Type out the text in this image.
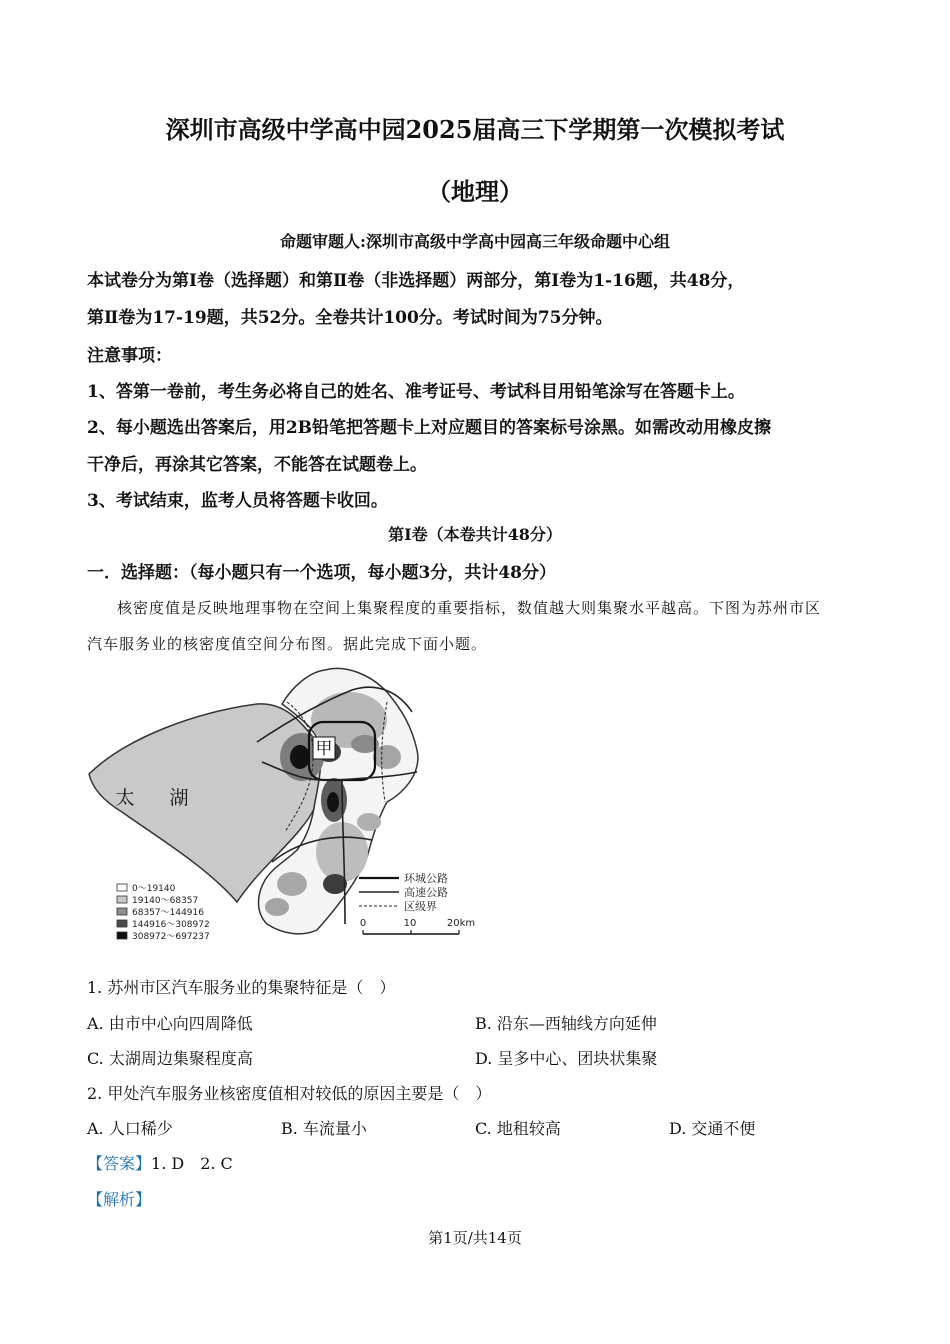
深圳市高级中学高中园2025届高三下学期第一次模拟考试
（地理）
命题审题人:深圳市高级中学高中园高三年级命题中心组
本试卷分为第Ⅰ卷（选择题）和第Ⅱ卷（非选择题）两部分，第Ⅰ卷为1-16题，共48分，
第Ⅱ卷为17-19题，共52分。全卷共计100分。考试时间为75分钟。
注意事项：
1、答第一卷前，考生务必将自己的姓名、准考证号、考试科目用铅笔涂写在答题卡上。
2、每小题选出答案后，用2B铅笔把答题卡上对应题目的答案标号涂黑。如需改动用橡皮擦
干净后，再涂其它答案，不能答在试题卷上。
3、考试结束，监考人员将答题卡收回。
第Ⅰ卷（本卷共计48分）
一．选择题：（每小题只有一个选项，每小题3分，共计48分）
核密度值是反映地理事物在空间上集聚程度的重要指标，数值越大则集聚水平越高。下图为苏州市区
汽车服务业的核密度值空间分布图。据此完成下面小题。
甲
太 湖
0～19140
19140～68357
68357～144916
144916～308972
308972～697237
环城公路
高速公路
区级界
0	10	20km
1. 苏州市区汽车服务业的集聚特征是（　）
A. 由市中心向四周降低	B. 沿东—西轴线方向延伸
C. 太湖周边集聚程度高	D. 呈多中心、团块状集聚
2. 甲处汽车服务业核密度值相对较低的原因主要是（　）
A. 人口稀少	B. 车流量小	C. 地租较高	D. 交通不便
【答案】1. D　2. C
【解析】
第1页/共14页
